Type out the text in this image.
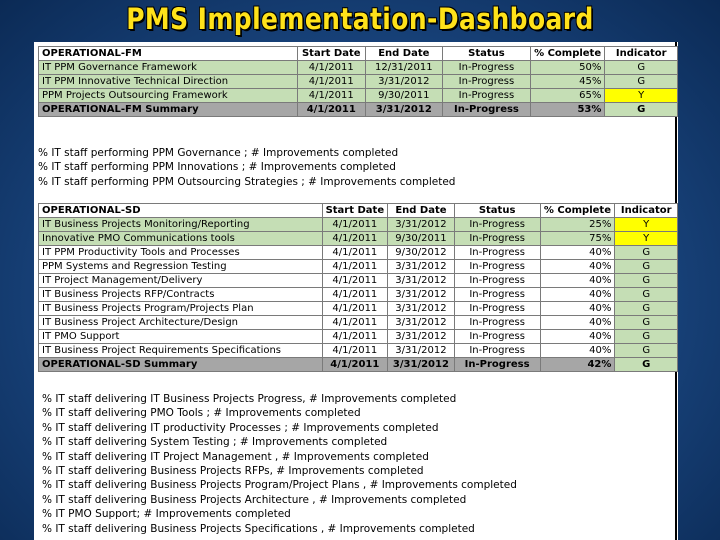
PMS Implementation-Dashboard
OPERATIONAL-FM	Start Date	End Date	Status	% Complete	Indicator
IT PPM Governance Framework	4/1/2011	12/31/2011	In-Progress	50%	G
IT PPM Innovative Technical Direction	4/1/2011	3/31/2012	In-Progress	45%	G
PPM Projects Outsourcing Framework	4/1/2011	9/30/2011	In-Progress	65%	Y
OPERATIONAL-FM Summary	4/1/2011	3/31/2012	In-Progress	53%	G
% IT staff performing PPM Governance ; # Improvements completed
% IT staff performing PPM Innovations ; # Improvements completed
% IT staff performing PPM Outsourcing Strategies ; # Improvements completed
OPERATIONAL-SD	Start Date	End Date	Status	% Complete	Indicator
IT Business Projects Monitoring/Reporting	4/1/2011	3/31/2012	In-Progress	25%	Y
Innovative PMO Communications tools	4/1/2011	9/30/2011	In-Progress	75%	Y
IT PPM Productivity Tools and Processes	4/1/2011	9/30/2012	In-Progress	40%	G
PPM Systems and Regression Testing	4/1/2011	3/31/2012	In-Progress	40%	G
IT Project Management/Delivery	4/1/2011	3/31/2012	In-Progress	40%	G
IT Business Projects RFP/Contracts	4/1/2011	3/31/2012	In-Progress	40%	G
IT Business Projects Program/Projects Plan	4/1/2011	3/31/2012	In-Progress	40%	G
IT Business Project Architecture/Design	4/1/2011	3/31/2012	In-Progress	40%	G
IT PMO Support	4/1/2011	3/31/2012	In-Progress	40%	G
IT Business Project Requirements Specifications	4/1/2011	3/31/2012	In-Progress	40%	G
OPERATIONAL-SD Summary	4/1/2011	3/31/2012	In-Progress	42%	G
% IT staff delivering IT Business Projects Progress, # Improvements completed
% IT staff delivering PMO Tools ; # Improvements completed
% IT staff delivering IT productivity Processes ; # Improvements completed
% IT staff delivering System Testing ; # Improvements completed
% IT staff delivering IT Project Management , # Improvements completed
% IT staff delivering Business Projects RFPs, # Improvements completed
% IT staff delivering Business Projects Program/Project Plans , # Improvements completed
% IT staff delivering Business Projects Architecture , # Improvements completed
% IT PMO Support; # Improvements completed
% IT staff delivering Business Projects Specifications , # Improvements completed
